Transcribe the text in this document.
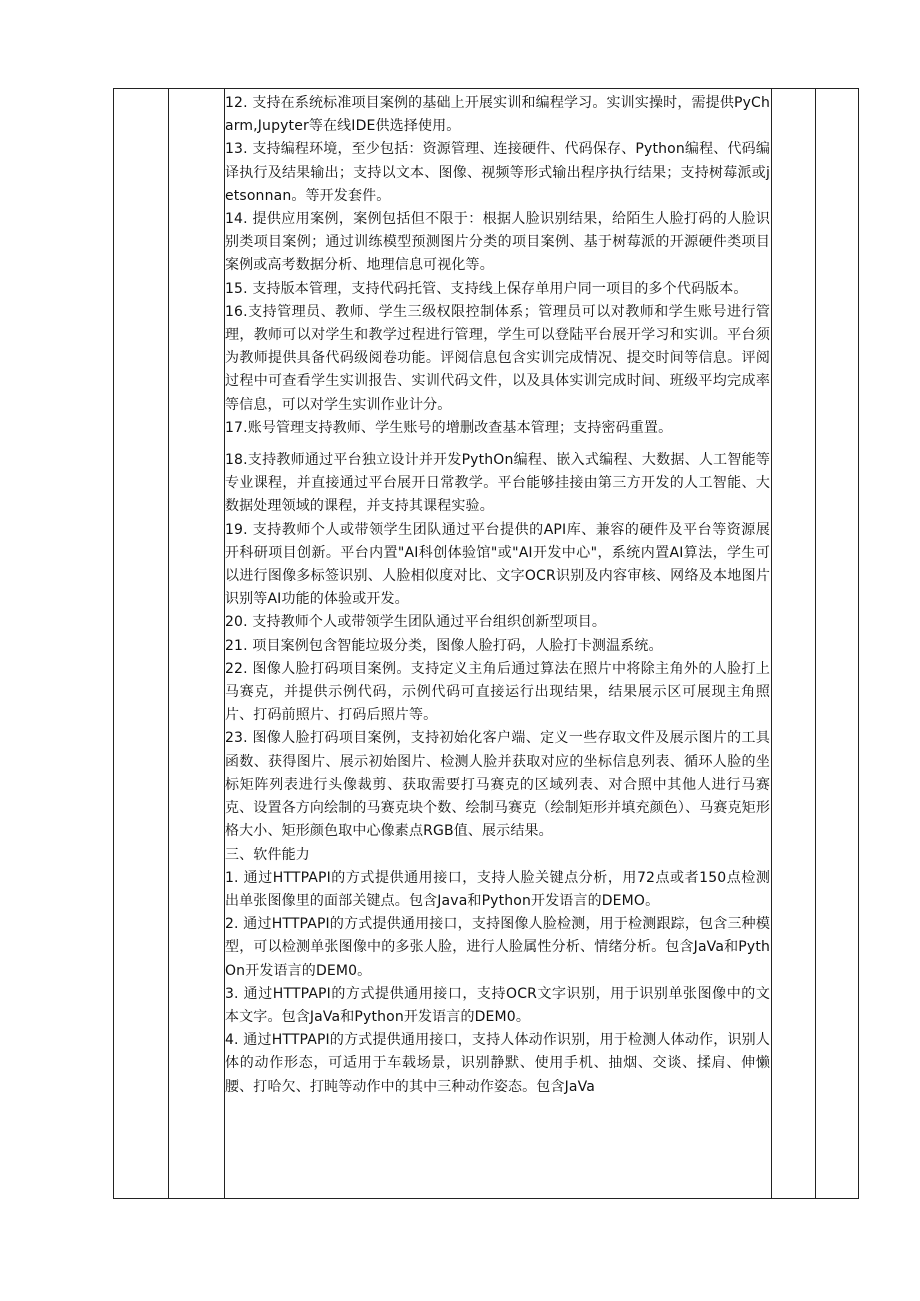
12. 支持在系统标准项目案例的基础上开展实训和编程学习。实训实操时，需提供PyCharm,Jupyter等在线IDE供选择使用。

13. 支持编程环境，至少包括：资源管理、连接硬件、代码保存、Python编程、代码编译执行及结果输出；支持以文本、图像、视频等形式输出程序执行结果；支持树莓派或jetsonnan。等开发套件。

14. 提供应用案例，案例包括但不限于：根据人脸识别结果，给陌生人脸打码的人脸识别类项目案例；通过训练模型预测图片分类的项目案例、基于树莓派的开源硬件类项目案例或高考数据分析、地理信息可视化等。

15. 支持版本管理，支持代码托管、支持线上保存单用户同一项目的多个代码版本。

16.支持管理员、教师、学生三级权限控制体系；管理员可以对教师和学生账号进行管理，教师可以对学生和教学过程进行管理，学生可以登陆平台展开学习和实训。平台须为教师提供具备代码级阅卷功能。评阅信息包含实训完成情况、提交时间等信息。评阅过程中可查看学生实训报告、实训代码文件，以及具体实训完成时间、班级平均完成率等信息，可以对学生实训作业计分。

17.账号管理支持教师、学生账号的增删改查基本管理；支持密码重置。

18.支持教师通过平台独立设计并开发PythOn编程、嵌入式编程、大数据、人工智能等专业课程，并直接通过平台展开日常教学。平台能够挂接由第三方开发的人工智能、大数据处理领域的课程，并支持其课程实验。

19. 支持教师个人或带领学生团队通过平台提供的API库、兼容的硬件及平台等资源展开科研项目创新。平台内置"AI科创体验馆"或"AI开发中心"，系统内置AI算法，学生可以进行图像多标签识别、人脸相似度对比、文字OCR识别及内容审核、网络及本地图片识别等AI功能的体验或开发。

20. 支持教师个人或带领学生团队通过平台组织创新型项目。

21. 项目案例包含智能垃圾分类，图像人脸打码，人脸打卡测温系统。

22. 图像人脸打码项目案例。支持定义主角后通过算法在照片中将除主角外的人脸打上马赛克，并提供示例代码，示例代码可直接运行出现结果，结果展示区可展现主角照片、打码前照片、打码后照片等。

23. 图像人脸打码项目案例，支持初始化客户端、定义一些存取文件及展示图片的工具函数、获得图片、展示初始图片、检测人脸并获取对应的坐标信息列表、循环人脸的坐标矩阵列表进行头像裁剪、获取需要打马赛克的区域列表、对合照中其他人进行马赛克、设置各方向绘制的马赛克块个数、绘制马赛克（绘制矩形并填充颜色）、马赛克矩形格大小、矩形颜色取中心像素点RGB值、展示结果。

三、软件能力

1. 通过HTTPAPI的方式提供通用接口，支持人脸关键点分析，用72点或者150点检测出单张图像里的面部关键点。包含Java和Python开发语言的DEMO。

2. 通过HTTPAPI的方式提供通用接口，支持图像人脸检测，用于检测跟踪，包含三种模型，可以检测单张图像中的多张人脸，进行人脸属性分析、情绪分析。包含JaVa和PythOn开发语言的DEM0。

3. 通过HTTPAPI的方式提供通用接口，支持OCR文字识别，用于识别单张图像中的文本文字。包含JaVa和Python开发语言的DEM0。

4. 通过HTTPAPI的方式提供通用接口，支持人体动作识别，用于检测人体动作，识别人体的动作形态，可适用于车载场景，识别静默、使用手机、抽烟、交谈、揉肩、伸懒腰、打哈欠、打盹等动作中的其中三种动作姿态。包含JaVa
